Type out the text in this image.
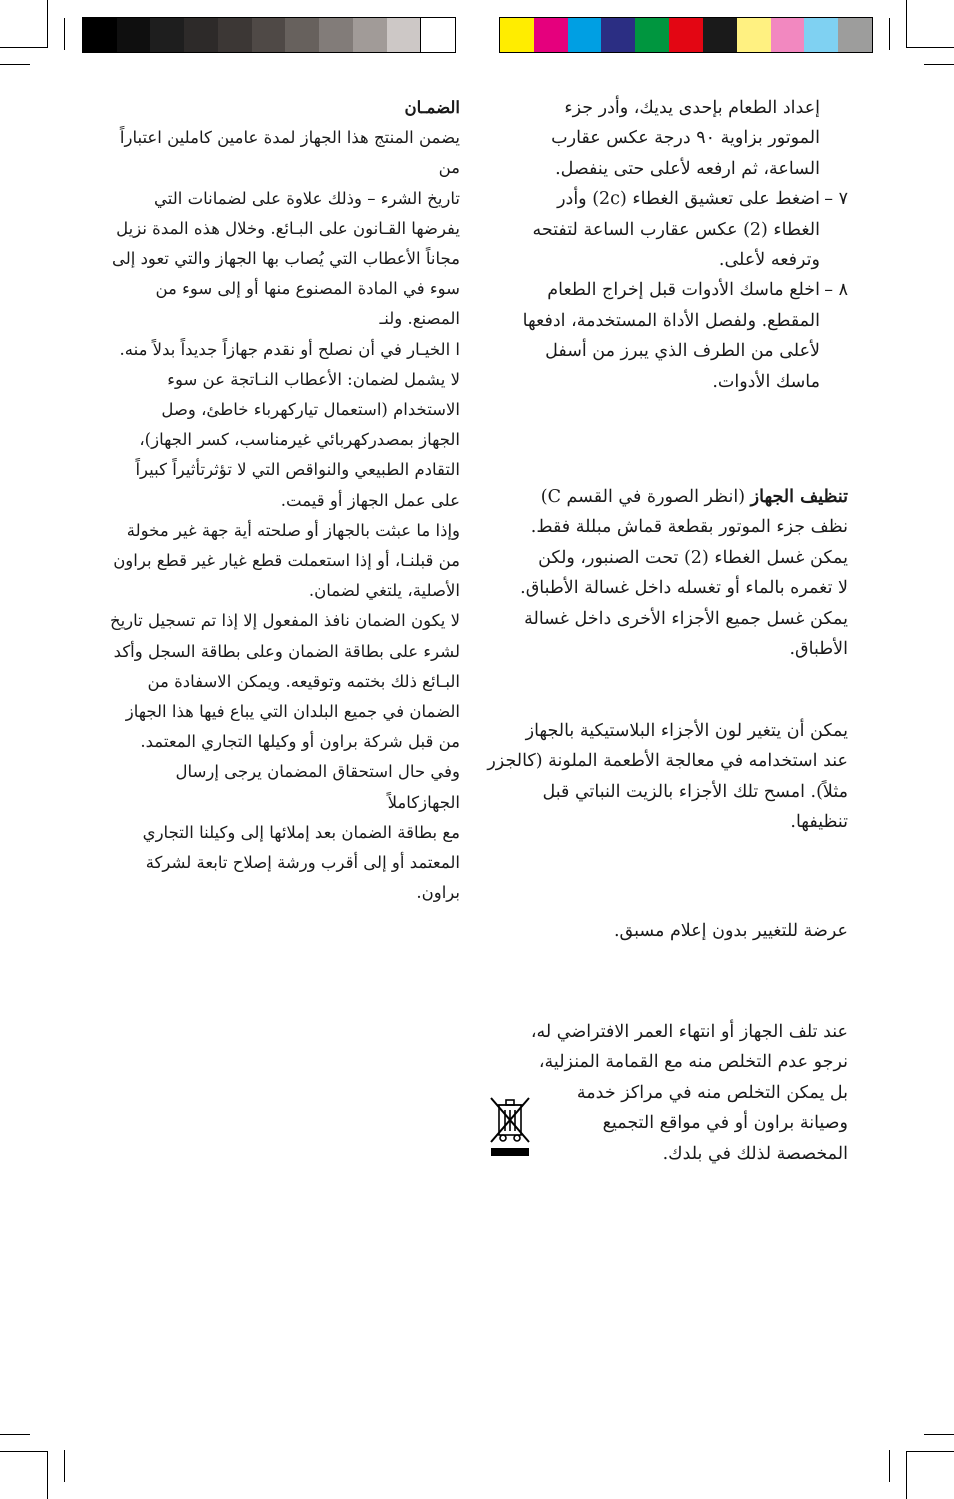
إعداد الطعام بإحدى يديك، وأدر جزء

الموتور بزاوية ٩٠ درجة عكس عقارب

الساعة، ثم ارفعه لأعلى حتى ينفصل.

٧ –

اضغط على تعشيق الغطاء (2c) وأدر

الغطاء (2) عكس عقارب الساعة لتفتحه

وترفعه لأعلى.

٨ –

اخلع ماسك الأدوات قبل إخراج الطعام

المقطع. ولفصل الأداة المستخدمة، ادفعها

لأعلى من الطرف الذي يبرز من أسفل

ماسك الأدوات.

تنظيف الجهاز (انظر الصورة في القسم C)

نظف جزء الموتور بقطعة قماش مبللة فقط.

يمكن غسل الغطاء (2) تحت الصنبور، ولكن

لا تغمره بالماء أو تغسله داخل غسالة الأطباق.

يمكن غسل جميع الأجزاء الأخرى داخل غسالة

الأطباق.

يمكن أن يتغير لون الأجزاء البلاستيكية بالجهاز

عند استخدامه في معالجة الأطعمة الملونة (كالجزر

مثلاً). امسح تلك الأجزاء بالزيت النباتي قبل

تنظيفها.

عرضة للتغيير بدون إعلام مسبق.

عند تلف الجهاز أو انتهاء العمر الافتراضي له،

نرجو عدم التخلص منه مع القمامة المنزلية،

بل يمكن التخلص منه في مراكز خدمة

وصيانة براون أو في مواقع التجميع

المخصصة لذلك في بلدك.

الضمـان

يضمن المنتج هذا الجهاز لمدة عامين كاملين اعتباراً من

تاريخ الشرء – وذلك علاوة على لضمانات التي

يفرضها القـانون على البـائع. وخلال هذه المدة نزيل

مجاناً الأعطاب التي يُصاب بها الجهاز والتي تعود إلى

سوء في المادة المصنوع منها أو إلى سوء من المصنع. ولنـ

ا الخيـار في أن نصلح أو نقدم جهازاً جديداً بدلاً منه.

لا يشمل لضمان: الأعطاب النـاتجة عن سوء

الاستخدام (استعمال تياركهرباء خاطئ، وصل

الجهاز بمصدركهربائي غيرمناسب، كسر الجهاز)،

التقادم الطبيعي والنواقص التي لا تؤثرتأثيراً كبيراً

على عمل الجهاز أو قيمت.

وإذا ما عبثت بالجهاز أو صلحته أية جهة غير مخولة

من قبلنـا، أو إذا استعملت قطع غيار غير قطع براون

الأصلية، يلتغي لضمان.

لا يكون الضمان نافذ المفعول إلا إذا تم تسجيل تاريخ

لشرء على بطاقة الضمان وعلى بطاقة السجل وأكد

البـائع ذلك بختمه وتوقيعه. ويمكن الاسفادة من

الضمان في جميع البلدان التي يباع فيها هذا الجهاز

من قبل شركة براون أو وكيلها التجاري المعتمد.

وفي حال استحقاق المضمان يرجى إرسال الجهازكاملاً

مع بطاقة الضمان بعد إملائها إلى وكيلنا التجاري

المعتمد أو إلى أقرب ورشة إصلاح تابعة لشركة براون.
